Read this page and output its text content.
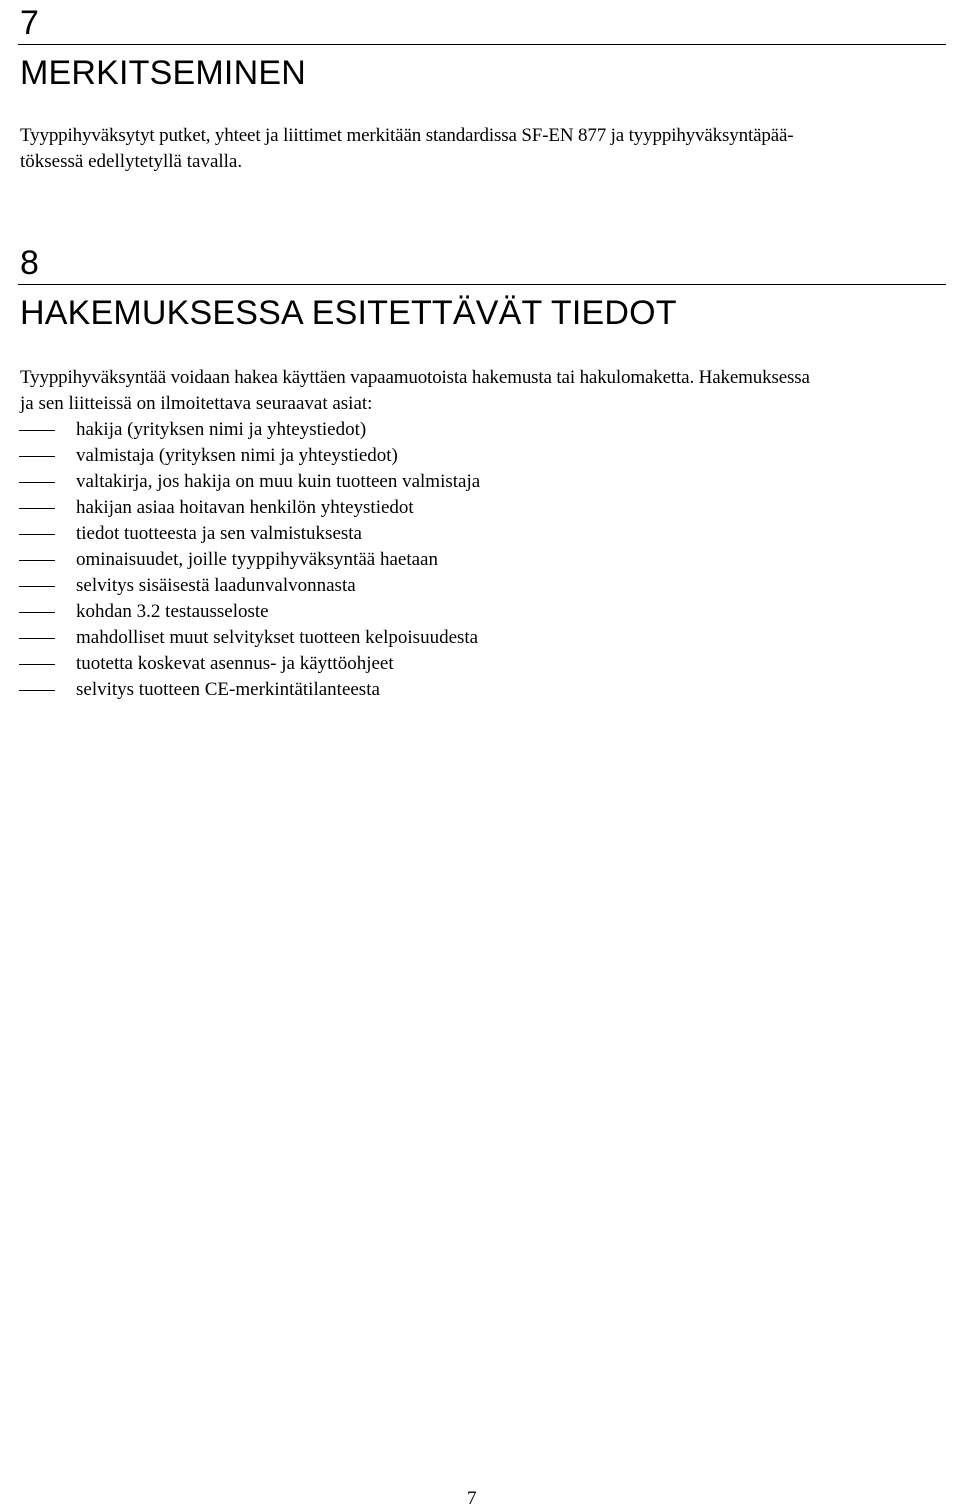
7
MERKITSEMINEN

Tyyppihyväksytyt putket, yhteet ja liittimet merkitään standardissa SF-EN 877 ja tyyppihyväksyntäpää-

töksessä edellytetyllä tavalla.

8
HAKEMUKSESSA ESITETTÄVÄT TIEDOT

Tyyppihyväksyntää voidaan hakea käyttäen vapaamuotoista hakemusta tai hakulomaketta. Hakemuksessa

ja sen liitteissä on ilmoitettava seuraavat asiat:

hakija (yrityksen nimi ja yhteystiedot)
valmistaja (yrityksen nimi ja yhteystiedot)
valtakirja, jos hakija on muu kuin tuotteen valmistaja
hakijan asiaa hoitavan henkilön yhteystiedot
tiedot tuotteesta ja sen valmistuksesta
ominaisuudet, joille tyyppihyväksyntää haetaan
selvitys sisäisestä laadunvalvonnasta
kohdan 3.2 testausseloste
mahdolliset muut selvitykset tuotteen kelpoisuudesta
tuotetta koskevat asennus- ja käyttöohjeet
selvitys tuotteen CE-merkintätilanteesta
7
